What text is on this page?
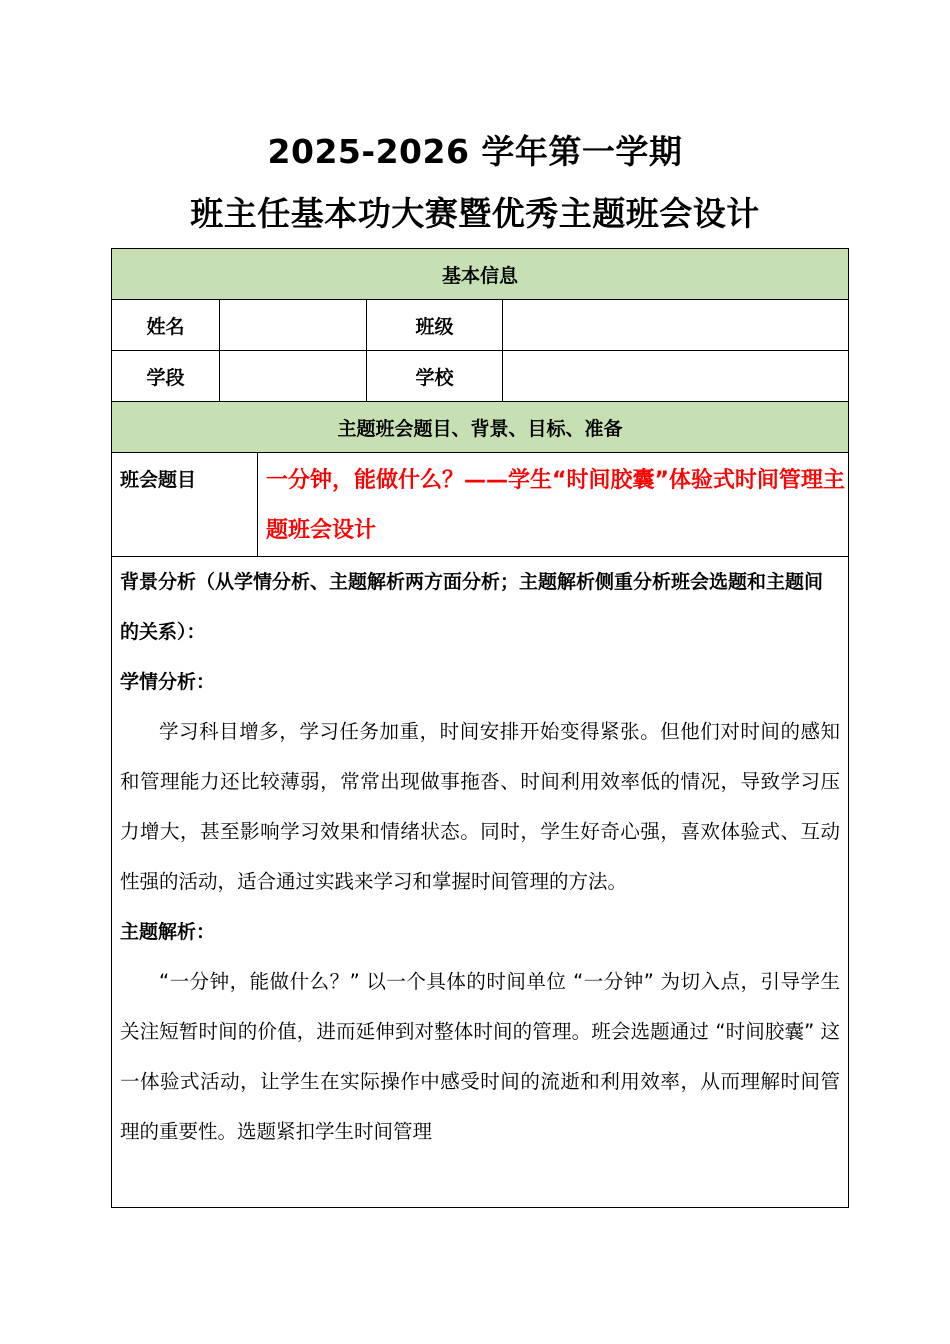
2025-2026 学年第一学期
班主任基本功大赛暨优秀主题班会设计
基本信息				
姓名			班级	
学段			学校	
主题班会题目、背景、目标、准备				
班会题目		一分钟，能做什么？——学生“时间胶囊”体验式时间管理主题班会设计		

背景分析（从学情分析、主题解析两方面分析；主题解析侧重分析班会选题和主题间的关系）：
学情分析：
学习科目增多，学习任务加重，时间安排开始变得紧张。但他们对时间的感知和管理能力还比较薄弱，常常出现做事拖沓、时间利用效率低的情况，导致学习压力增大，甚至影响学习效果和情绪状态。同时，学生好奇心强，喜欢体验式、互动性强的活动，适合通过实践来学习和掌握时间管理的方法。
主题解析：
“一分钟，能做什么？” 以一个具体的时间单位 “一分钟” 为切入点，引导学生关注短暂时间的价值，进而延伸到对整体时间的管理。班会选题通过 “时间胶囊” 这一体验式活动，让学生在实际操作中感受时间的流逝和利用效率，从而理解时间管理的重要性。选题紧扣学生时间管理				
